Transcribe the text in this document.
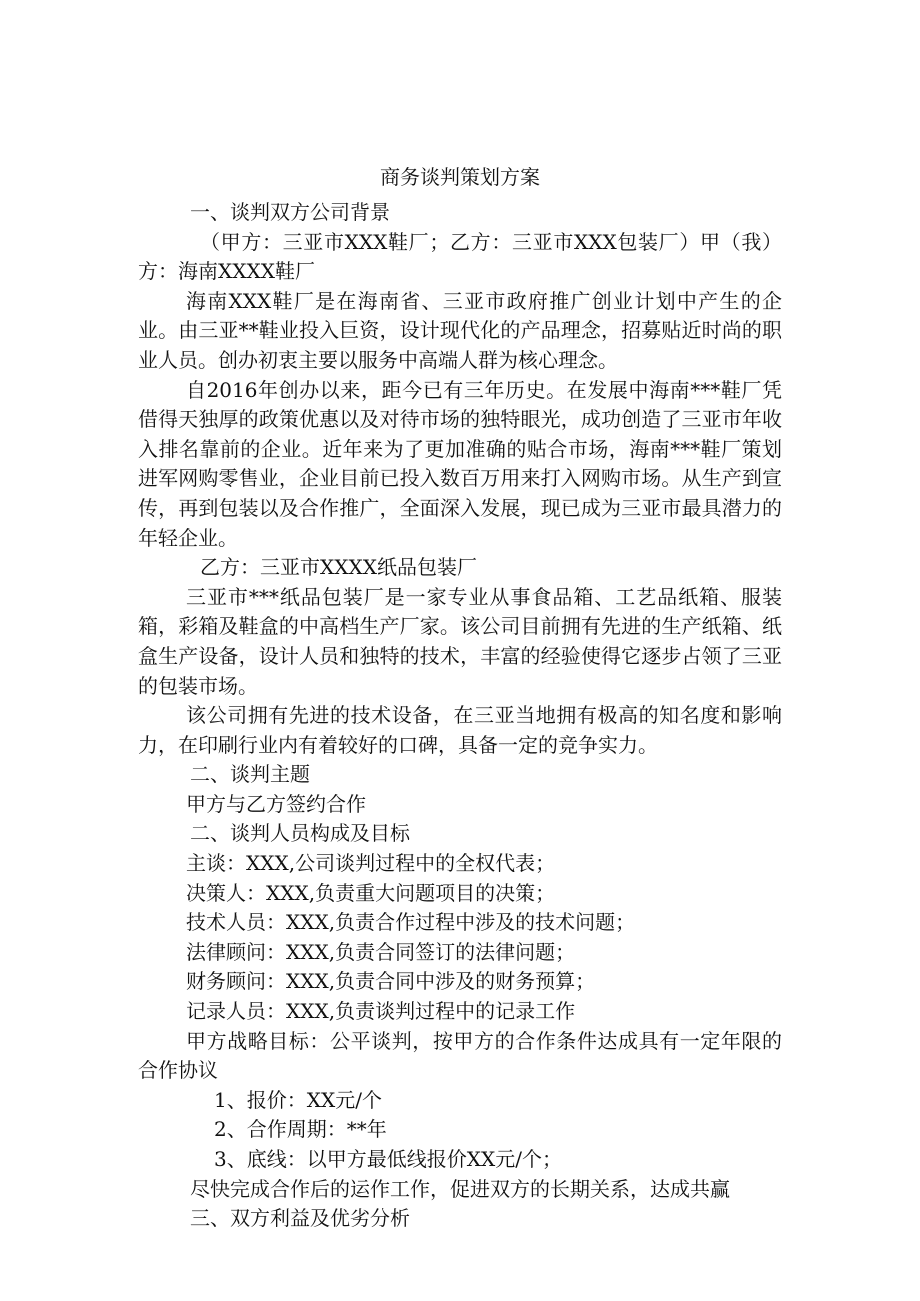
商务谈判策划方案

一、谈判双方公司背景

（甲方：三亚市XXX鞋厂；乙方：三亚市XXX包装厂）甲（我）方：海南XXXX鞋厂

海南XXX鞋厂是在海南省、三亚市政府推广创业计划中产生的企业。由三亚**鞋业投入巨资，设计现代化的产品理念，招募贴近时尚的职业人员。创办初衷主要以服务中高端人群为核心理念。

自2016年创办以来，距今已有三年历史。在发展中海南***鞋厂凭借得天独厚的政策优惠以及对待市场的独特眼光，成功创造了三亚市年收入排名靠前的企业。近年来为了更加准确的贴合市场，海南***鞋厂策划进军网购零售业，企业目前已投入数百万用来打入网购市场。从生产到宣传，再到包装以及合作推广，全面深入发展，现已成为三亚市最具潜力的年轻企业。

乙方：三亚市XXXX纸品包装厂

三亚市***纸品包装厂是一家专业从事食品箱、工艺品纸箱、服装箱，彩箱及鞋盒的中高档生产厂家。该公司目前拥有先进的生产纸箱、纸盒生产设备，设计人员和独特的技术，丰富的经验使得它逐步占领了三亚的包装市场。

该公司拥有先进的技术设备，在三亚当地拥有极高的知名度和影响力，在印刷行业内有着较好的口碑，具备一定的竞争实力。

二、谈判主题

甲方与乙方签约合作

二、谈判人员构成及目标

主谈：XXX,公司谈判过程中的全权代表；

决策人：XXX,负责重大问题项目的决策；

技术人员：XXX,负责合作过程中涉及的技术问题；

法律顾问：XXX,负责合同签订的法律问题；

财务顾问：XXX,负责合同中涉及的财务预算；

记录人员：XXX,负责谈判过程中的记录工作

甲方战略目标：公平谈判，按甲方的合作条件达成具有一定年限的合作协议

1、报价：XX元/个

2、合作周期：**年

3、底线：以甲方最低线报价XX元/个；

尽快完成合作后的运作工作，促进双方的长期关系，达成共赢

三、双方利益及优劣分析
